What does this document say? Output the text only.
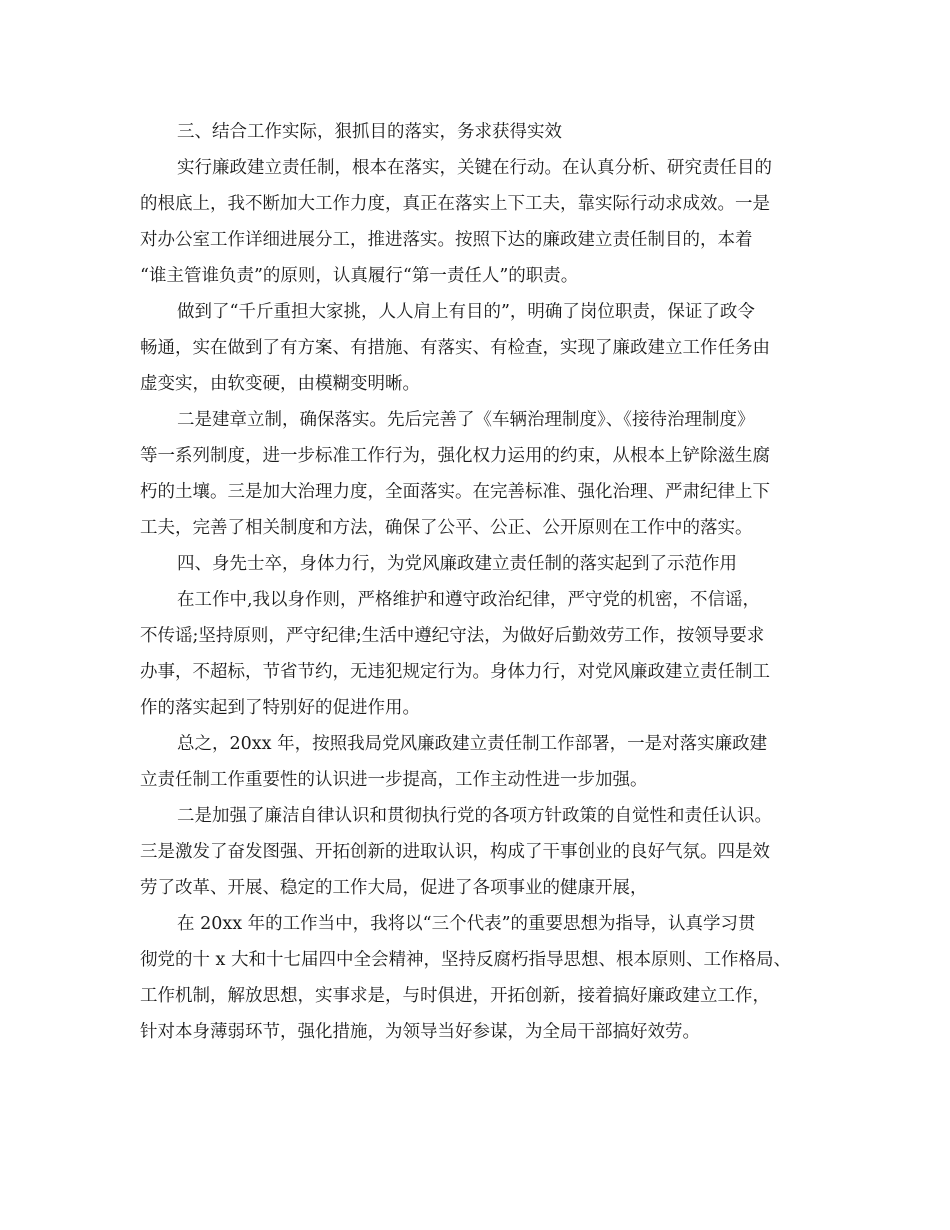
三、结合工作实际，狠抓目的落实，务求获得实效
实行廉政建立责任制，根本在落实，关键在行动。在认真分析、研究责任目的
的根底上，我不断加大工作力度，真正在落实上下工夫，靠实际行动求成效。一是
对办公室工作详细进展分工，推进落实。按照下达的廉政建立责任制目的，本着
“谁主管谁负责”的原则，认真履行“第一责任人”的职责。
做到了“千斤重担大家挑，人人肩上有目的”，明确了岗位职责，保证了政令
畅通，实在做到了有方案、有措施、有落实、有检查，实现了廉政建立工作任务由
虚变实，由软变硬，由模糊变明晰。
二是建章立制，确保落实。先后完善了《车辆治理制度》、《接待治理制度》
等一系列制度，进一步标准工作行为，强化权力运用的约束，从根本上铲除滋生腐
朽的土壤。三是加大治理力度，全面落实。在完善标准、强化治理、严肃纪律上下
工夫，完善了相关制度和方法，确保了公平、公正、公开原则在工作中的落实。
四、身先士卒，身体力行，为党风廉政建立责任制的落实起到了示范作用
在工作中,我以身作则，严格维护和遵守政治纪律，严守党的机密，不信谣，
不传谣;坚持原则，严守纪律;生活中遵纪守法，为做好后勤效劳工作，按领导要求
办事，不超标，节省节约，无违犯规定行为。身体力行，对党风廉政建立责任制工
作的落实起到了特别好的促进作用。
总之，20xx 年，按照我局党风廉政建立责任制工作部署，一是对落实廉政建
立责任制工作重要性的认识进一步提高，工作主动性进一步加强。
二是加强了廉洁自律认识和贯彻执行党的各项方针政策的自觉性和责任认识。
三是激发了奋发图强、开拓创新的进取认识，构成了干事创业的良好气氛。四是效
劳了改革、开展、稳定的工作大局，促进了各项事业的健康开展，
在 20xx 年的工作当中，我将以“三个代表”的重要思想为指导，认真学习贯
彻党的十 x 大和十七届四中全会精神，坚持反腐朽指导思想、根本原则、工作格局、
工作机制，解放思想，实事求是，与时俱进，开拓创新，接着搞好廉政建立工作，
针对本身薄弱环节，强化措施，为领导当好参谋，为全局干部搞好效劳。
